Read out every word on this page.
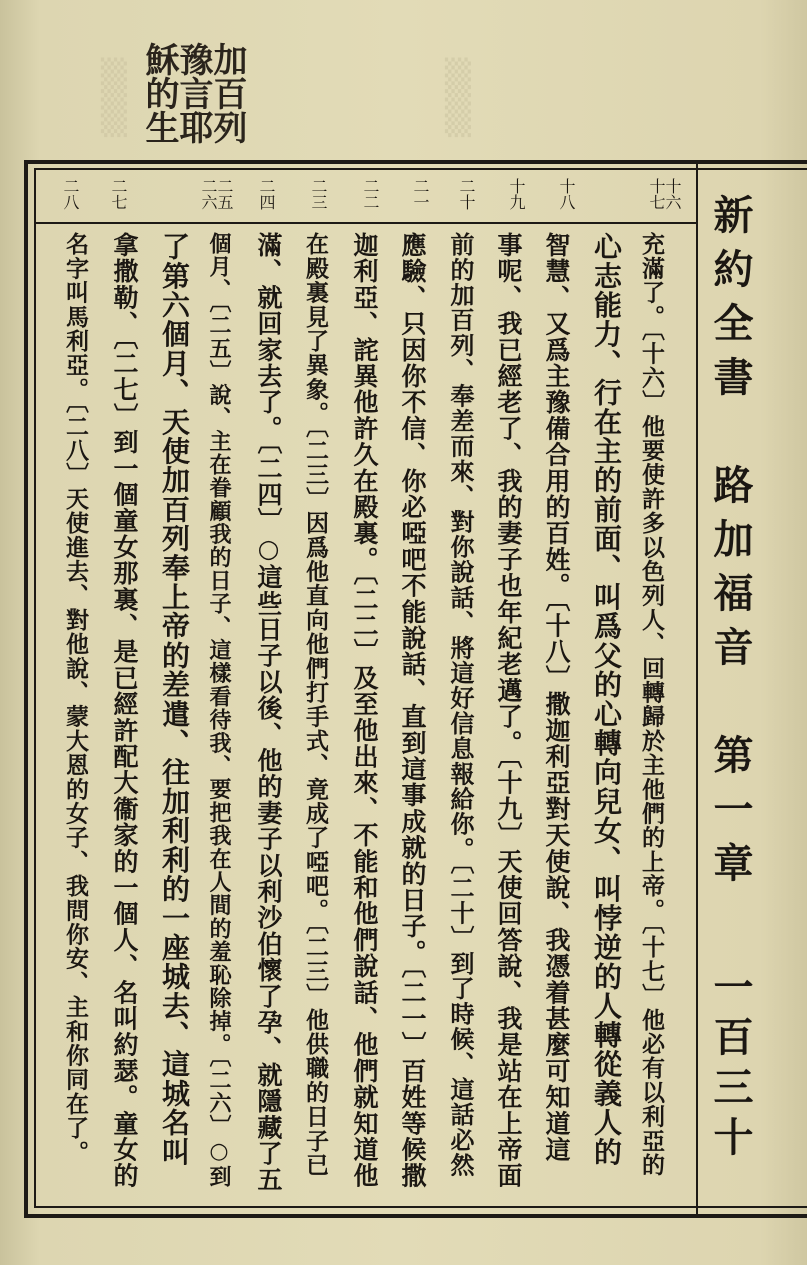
▒▒
▒▒ 加百列
豫言耶
穌的生
新約全書　路加福音　第一章
一百三十
十六十七
十八
十九
二十
二一
二二
二三
二四
二五二六
二七
二八
充滿了。〔十六〕他要使許多以色列人、回轉歸於主他們的上帝。〔十七〕他必有以利亞的
心志能力、行在主的前面、叫爲父的心轉向兒女、叫悖逆的人轉從義人的
智慧、又爲主豫備合用的百姓。〔十八〕撒迦利亞對天使說、我憑着甚麼可知道這
事呢、我已經老了、我的妻子也年紀老邁了。〔十九〕天使回答說、我是站在上帝面
前的加百列、奉差而來、對你說話、將這好信息報給你。〔二十〕到了時候、這話必然
應驗、只因你不信、你必啞吧不能說話、直到這事成就的日子。〔二一〕百姓等候撒
迦利亞、詫異他許久在殿裏。〔二二〕及至他出來、不能和他們說話、他們就知道他
在殿裏見了異象。〔二三〕因爲他直向他們打手式、竟成了啞吧。〔二三〕他供職的日子已
滿、就回家去了。〔二四〕○這些日子以後、他的妻子以利沙伯懷了孕、就隱藏了五
個月、〔二五〕說、主在眷顧我的日子、這樣看待我、要把我在人間的羞恥除掉。〔二六〕○到
了第六個月、天使加百列奉上帝的差遣、往加利利的一座城去、這城名叫
拿撒勒、〔二七〕到一個童女那裏、是已經許配大衞家的一個人、名叫約瑟。童女的
名字叫馬利亞。〔二八〕天使進去、對他說、蒙大恩的女子、我問你安、主和你同在了。
